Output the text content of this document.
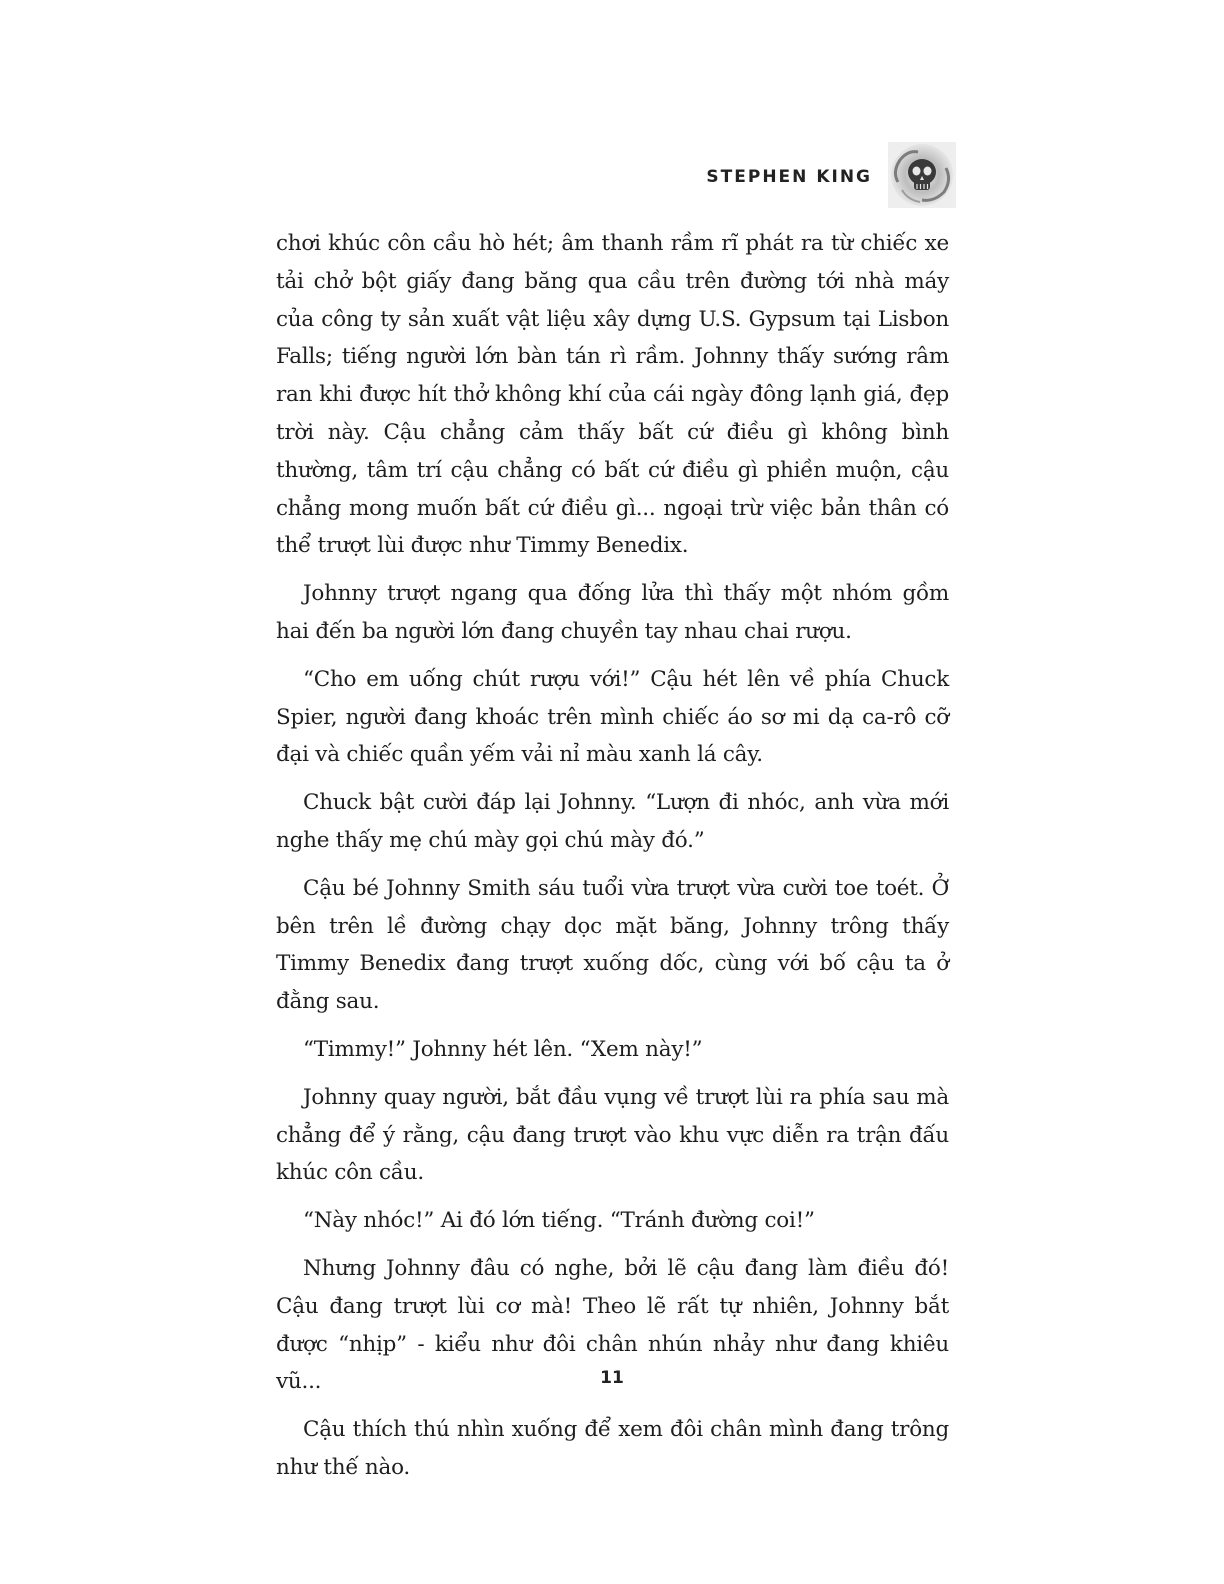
STEPHEN KING

chơi khúc côn cầu hò hét; âm thanh rầm rĩ phát ra từ chiếc xe tải chở bột giấy đang băng qua cầu trên đường tới nhà máy của công ty sản xuất vật liệu xây dựng U.S. Gypsum tại Lisbon Falls; tiếng người lớn bàn tán rì rầm. Johnny thấy sướng râm ran khi được hít thở không khí của cái ngày đông lạnh giá, đẹp trời này. Cậu chẳng cảm thấy bất cứ điều gì không bình thường, tâm trí cậu chẳng có bất cứ điều gì phiền muộn, cậu chẳng mong muốn bất cứ điều gì... ngoại trừ việc bản thân có thể trượt lùi được như Timmy Benedix.

Johnny trượt ngang qua đống lửa thì thấy một nhóm gồm hai đến ba người lớn đang chuyền tay nhau chai rượu.

“Cho em uống chút rượu với!” Cậu hét lên về phía Chuck Spier, người đang khoác trên mình chiếc áo sơ mi dạ ca-rô cỡ đại và chiếc quần yếm vải nỉ màu xanh lá cây.

Chuck bật cười đáp lại Johnny. “Lượn đi nhóc, anh vừa mới nghe thấy mẹ chú mày gọi chú mày đó.”

Cậu bé Johnny Smith sáu tuổi vừa trượt vừa cười toe toét. Ở bên trên lề đường chạy dọc mặt băng, Johnny trông thấy Timmy Benedix đang trượt xuống dốc, cùng với bố cậu ta ở đằng sau.

“Timmy!” Johnny hét lên. “Xem này!”

Johnny quay người, bắt đầu vụng về trượt lùi ra phía sau mà chẳng để ý rằng, cậu đang trượt vào khu vực diễn ra trận đấu khúc côn cầu.

“Này nhóc!” Ai đó lớn tiếng. “Tránh đường coi!”

Nhưng Johnny đâu có nghe, bởi lẽ cậu đang làm điều đó! Cậu đang trượt lùi cơ mà! Theo lẽ rất tự nhiên, Johnny bắt được “nhịp” - kiểu như đôi chân nhún nhảy như đang khiêu vũ...

Cậu thích thú nhìn xuống để xem đôi chân mình đang trông như thế nào.

11
